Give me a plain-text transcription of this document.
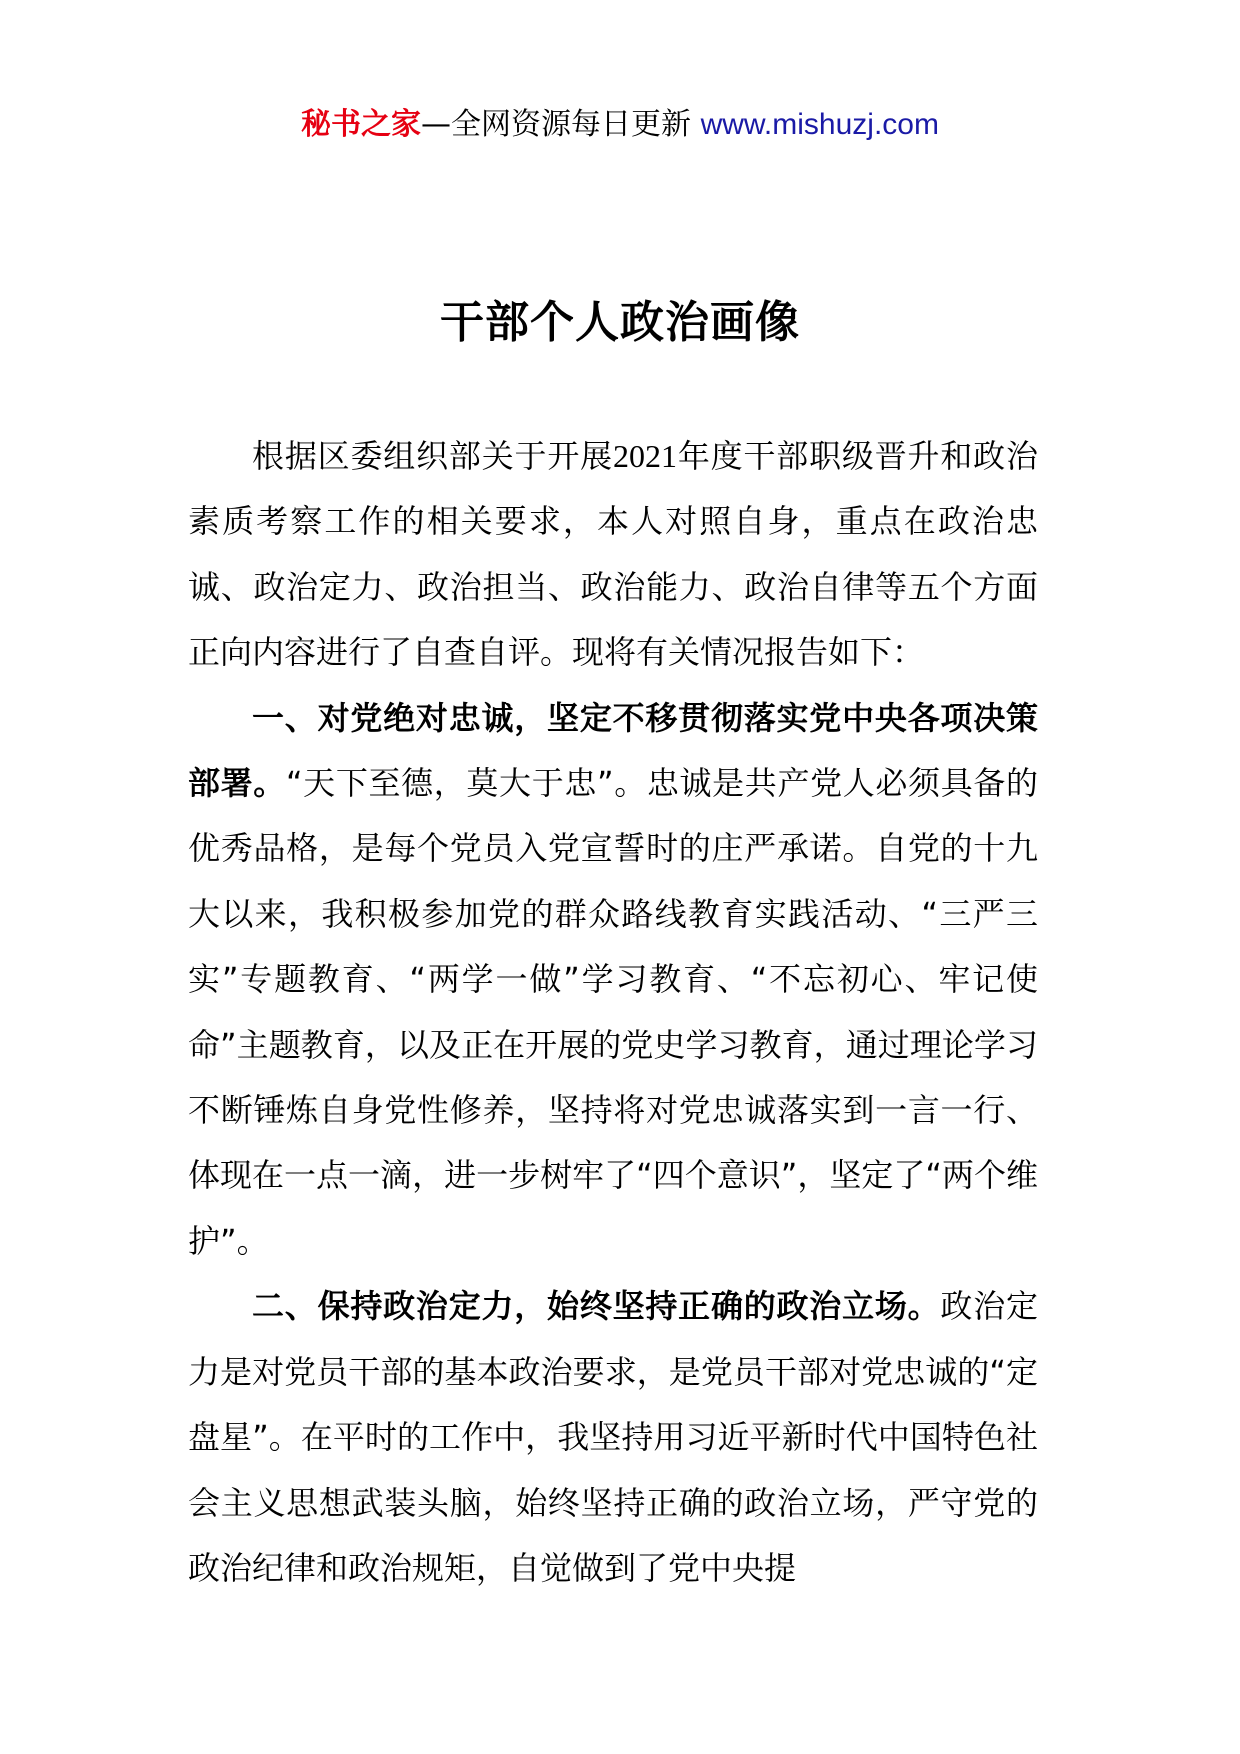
秘书之家—全网资源每日更新 www.mishuzj.com
干部个人政治画像

根据区委组织部关于开展2021年度干部职级晋升和政治素质考察工作的相关要求，本人对照自身，重点在政治忠诚、政治定力、政治担当、政治能力、政治自律等五个方面正向内容进行了自查自评。现将有关情况报告如下：

一、对党绝对忠诚，坚定不移贯彻落实党中央各项决策部署。“天下至德，莫大于忠”。忠诚是共产党人必须具备的优秀品格，是每个党员入党宣誓时的庄严承诺。自党的十九大以来，我积极参加党的群众路线教育实践活动、“三严三实”专题教育、“两学一做”学习教育、“不忘初心、牢记使命”主题教育，以及正在开展的党史学习教育，通过理论学习不断锤炼自身党性修养，坚持将对党忠诚落实到一言一行、体现在一点一滴，进一步树牢了“四个意识”，坚定了“两个维护”。

二、保持政治定力，始终坚持正确的政治立场。政治定力是对党员干部的基本政治要求，是党员干部对党忠诚的“定盘星”。在平时的工作中，我坚持用习近平新时代中国特色社会主义思想武装头脑，始终坚持正确的政治立场，严守党的政治纪律和政治规矩，自觉做到了党中央提
